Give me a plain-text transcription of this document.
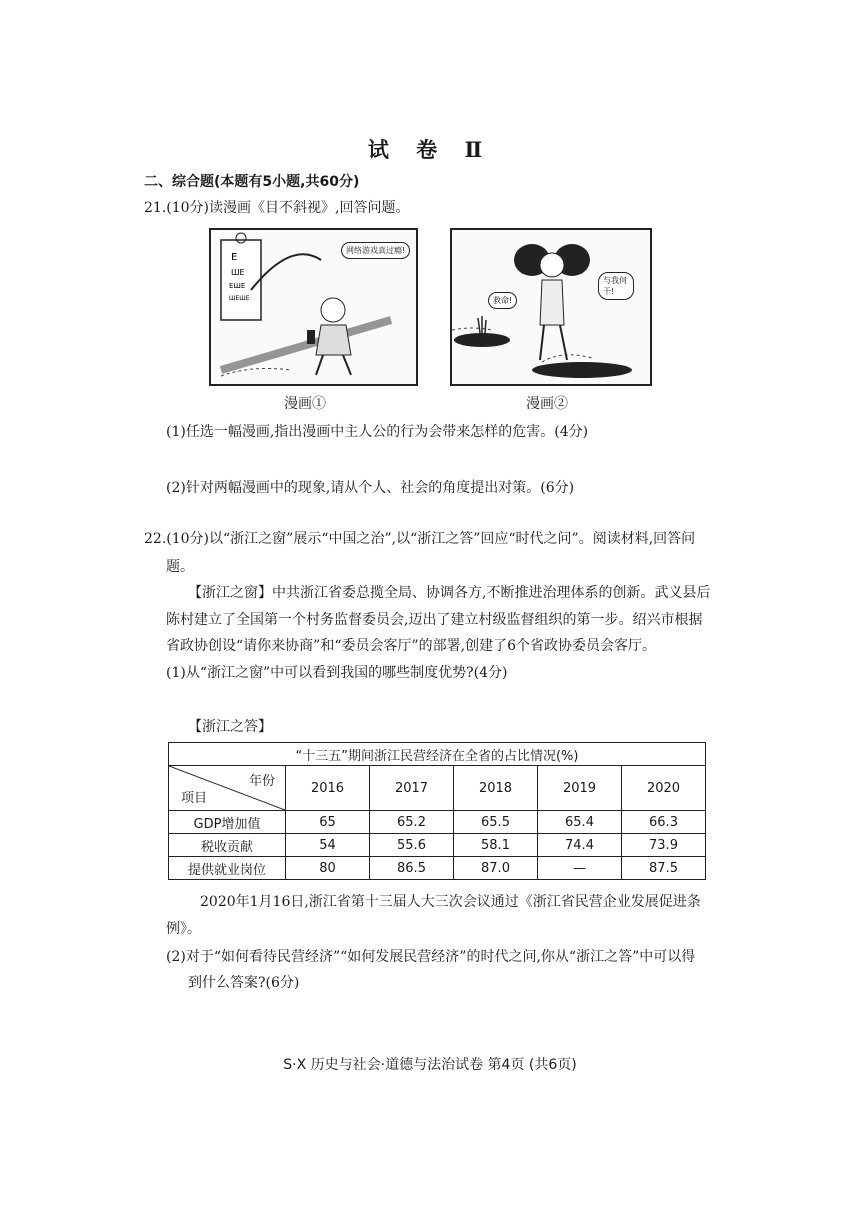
试 卷 Ⅱ
二、综合题(本题有5小题,共60分)
21.(10分)读漫画《目不斜视》,回答问题。
E
ШЕ
ЕШЕ
ШЕШЕ
网络游戏真过瘾!
漫画①
救命!
与我何干!
漫画②
(1)任选一幅漫画,指出漫画中主人公的行为会带来怎样的危害。(4分)
(2)针对两幅漫画中的现象,请从个人、社会的角度提出对策。(6分)
22.(10分)以“浙江之窗”展示“中国之治”,以“浙江之答”回应“时代之问”。阅读材料,回答问
题。
【浙江之窗】中共浙江省委总揽全局、协调各方,不断推进治理体系的创新。武义县后
陈村建立了全国第一个村务监督委员会,迈出了建立村级监督组织的第一步。绍兴市根据
省政协创设“请你来协商”和“委员会客厅”的部署,创建了6个省政协委员会客厅。
(1)从“浙江之窗”中可以看到我国的哪些制度优势?(4分)
【浙江之答】
“十三五”期间浙江民营经济在全省的占比情况(%)					

年份
项目	2016	2017	2018	2019	2020
GDP增加值	65	65.2	65.5	65.4	66.3
税收贡献	54	55.6	58.1	74.4	73.9
提供就业岗位	80	86.5	87.0	—	87.5
2020年1月16日,浙江省第十三届人大三次会议通过《浙江省民营企业发展促进条
例》。
(2)对于“如何看待民营经济”“如何发展民营经济”的时代之问,你从“浙江之答”中可以得
到什么答案?(6分)
S·X 历史与社会·道德与法治试卷 第4页 (共6页)
